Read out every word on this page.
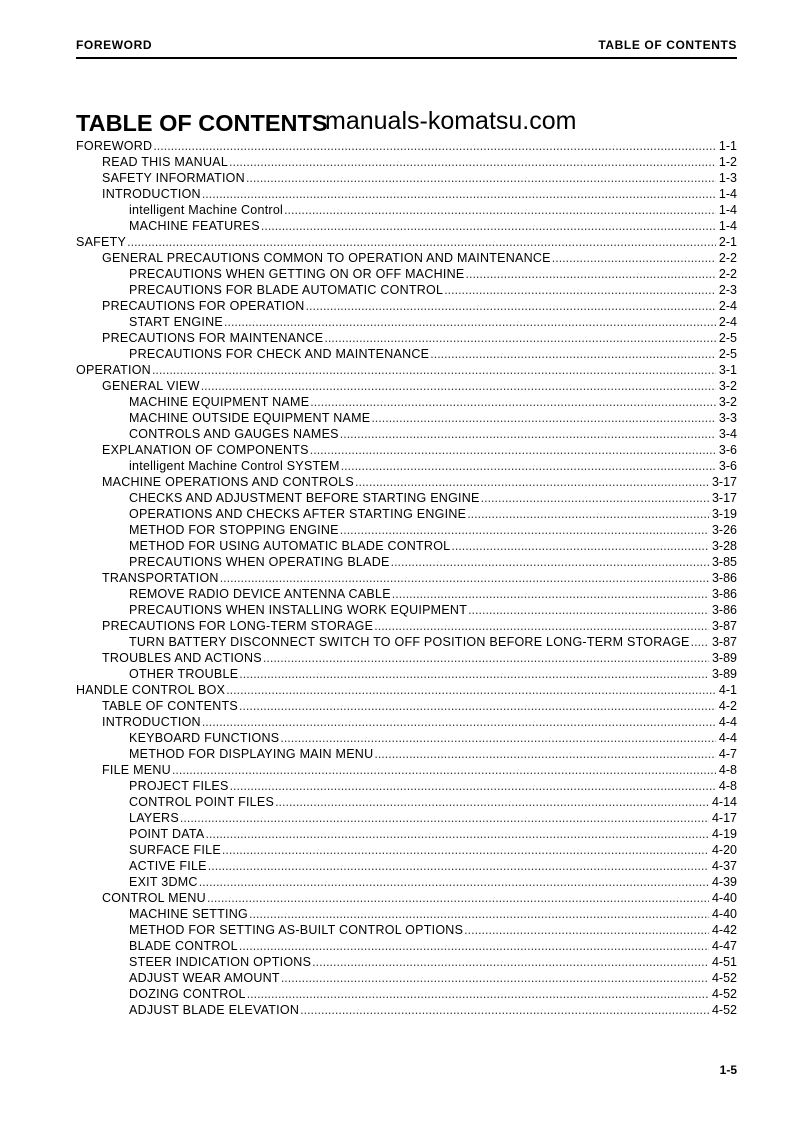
FOREWORD	TABLE OF CONTENTS
TABLE OF CONTENTS
manuals-komatsu.com
FOREWORD .....	1-1
READ THIS MANUAL .....	1-2
SAFETY INFORMATION .....	1-3
INTRODUCTION .....	1-4
intelligent Machine Control .....	1-4
MACHINE FEATURES .....	1-4
SAFETY .....	2-1
GENERAL PRECAUTIONS COMMON TO OPERATION AND MAINTENANCE .....	2-2
PRECAUTIONS WHEN GETTING ON OR OFF MACHINE .....	2-2
PRECAUTIONS FOR BLADE AUTOMATIC CONTROL .....	2-3
PRECAUTIONS FOR OPERATION .....	2-4
START ENGINE .....	2-4
PRECAUTIONS FOR MAINTENANCE .....	2-5
PRECAUTIONS FOR CHECK AND MAINTENANCE .....	2-5
OPERATION .....	3-1
GENERAL VIEW .....	3-2
MACHINE EQUIPMENT NAME .....	3-2
MACHINE OUTSIDE EQUIPMENT NAME .....	3-3
CONTROLS AND GAUGES NAMES .....	3-4
EXPLANATION OF COMPONENTS .....	3-6
intelligent Machine Control SYSTEM .....	3-6
MACHINE OPERATIONS AND CONTROLS .....	3-17
CHECKS AND ADJUSTMENT BEFORE STARTING ENGINE .....	3-17
OPERATIONS AND CHECKS AFTER STARTING ENGINE .....	3-19
METHOD FOR STOPPING ENGINE .....	3-26
METHOD FOR USING AUTOMATIC BLADE CONTROL .....	3-28
PRECAUTIONS WHEN OPERATING BLADE .....	3-85
TRANSPORTATION .....	3-86
REMOVE RADIO DEVICE ANTENNA CABLE .....	3-86
PRECAUTIONS WHEN INSTALLING WORK EQUIPMENT .....	3-86
PRECAUTIONS FOR LONG-TERM STORAGE .....	3-87
TURN BATTERY DISCONNECT SWITCH TO OFF POSITION BEFORE LONG-TERM STORAGE ..... 3-87
TROUBLES AND ACTIONS .....	3-89
OTHER TROUBLE .....	3-89
HANDLE CONTROL BOX .....	4-1
TABLE OF CONTENTS .....	4-2
INTRODUCTION .....	4-4
KEYBOARD FUNCTIONS .....	4-4
METHOD FOR DISPLAYING MAIN MENU .....	4-7
FILE MENU .....	4-8
PROJECT FILES .....	4-8
CONTROL POINT FILES .....	4-14
LAYERS .....	4-17
POINT DATA .....	4-19
SURFACE FILE .....	4-20
ACTIVE FILE .....	4-37
EXIT 3DMC .....	4-39
CONTROL MENU .....	4-40
MACHINE SETTING .....	4-40
METHOD FOR SETTING AS-BUILT CONTROL OPTIONS .....	4-42
BLADE CONTROL .....	4-47
STEER INDICATION OPTIONS .....	4-51
ADJUST WEAR AMOUNT .....	4-52
DOZING CONTROL .....	4-52
ADJUST BLADE ELEVATION .....	4-52
1-5
